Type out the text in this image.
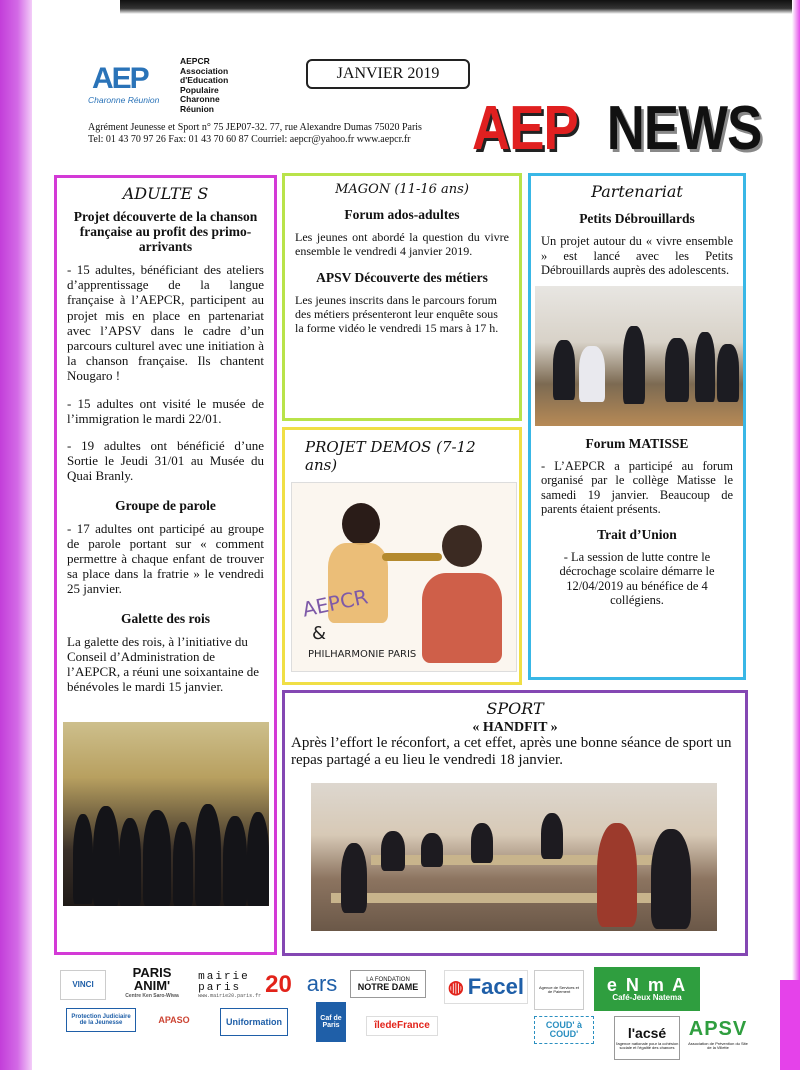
AEP
Charonne Réunion
AEPCR
Association
d'Education
Populaire
Charonne
Réunion
JANVIER 2019
Agrément Jeunesse et Sport n° 75 JEP07-32. 77, rue Alexandre Dumas 75020 Paris
Tel: 01 43 70 97 26 Fax: 01 43 70 60 87 Courriel: aepcr@yahoo.fr www.aepcr.fr AEP NEWS
ADULTE S
Projet découverte de la chanson française au profit des primo-arrivants

- 15 adultes, bénéficiant des ateliers d’apprentissage de la langue française à l’AEPCR, participent au projet mis en place en partenariat avec l’APSV dans le cadre d’un parcours culturel avec une initiation à la chanson française. Ils chantent Nougaro !

- 15 adultes ont visité le musée de l’immigration le mardi 22/01.

- 19 adultes ont bénéficié d’une Sortie le Jeudi 31/01 au Musée du Quai Branly.

Groupe de parole

- 17 adultes ont participé au groupe de parole portant sur « comment permettre à chaque enfant de trouver sa place dans la fratrie » le vendredi 25 janvier.

Galette des rois

La galette des rois, à l’initiative du Conseil d’Administration de l’AEPCR, a réuni une soixantaine de bénévoles le mardi 15 janvier.

MAGON (11-16 ans)
Forum ados-adultes

Les jeunes ont abordé la question du vivre ensemble le vendredi 4 janvier 2019.

APSV Découverte des métiers

Les jeunes inscrits dans le parcours forum des métiers présenteront leur enquête sous la forme vidéo le vendredi 15 mars à 17 h.

PROJET DEMOS (7-12 ans)
AEPCR
&
PHILHARMONIE PARIS
Partenariat
Petits Débrouillards

Un projet autour du « vivre ensemble » est lancé avec les Petits Débrouillards auprès des adolescents.

Forum MATISSE

- L’AEPCR a participé au forum organisé par le collège Matisse le samedi 19 janvier. Beaucoup de parents étaient présents.

Trait d’Union

- La session de lutte contre le décrochage scolaire démarre le 12/04/2019 au bénéfice de 4 collégiens.

SPORT
« HANDFIT »

Après l’effort le réconfort, a cet effet, après une bonne séance de sport un repas partagé a eu lieu le vendredi 18 janvier.

VINCI
PARIS ANIM'
Centre Ken Saro-Wiwa
mairie
paris
www.mairie20.paris.fr 20 ars	LA FONDATION
NOTRE DAME ◍ Facel	Agence de Services et de Paiement	e N m A
Café-Jeux Natema
Protection Judiciaire de la Jeunesse	APASO	Uniformation	Caf de Paris	îledeFrance	COUD' à COUD'	l'acsé
l'agence nationale pour la cohésion sociale et l'égalité des chances
APSV
Association de Prévention du Site de la Villette
